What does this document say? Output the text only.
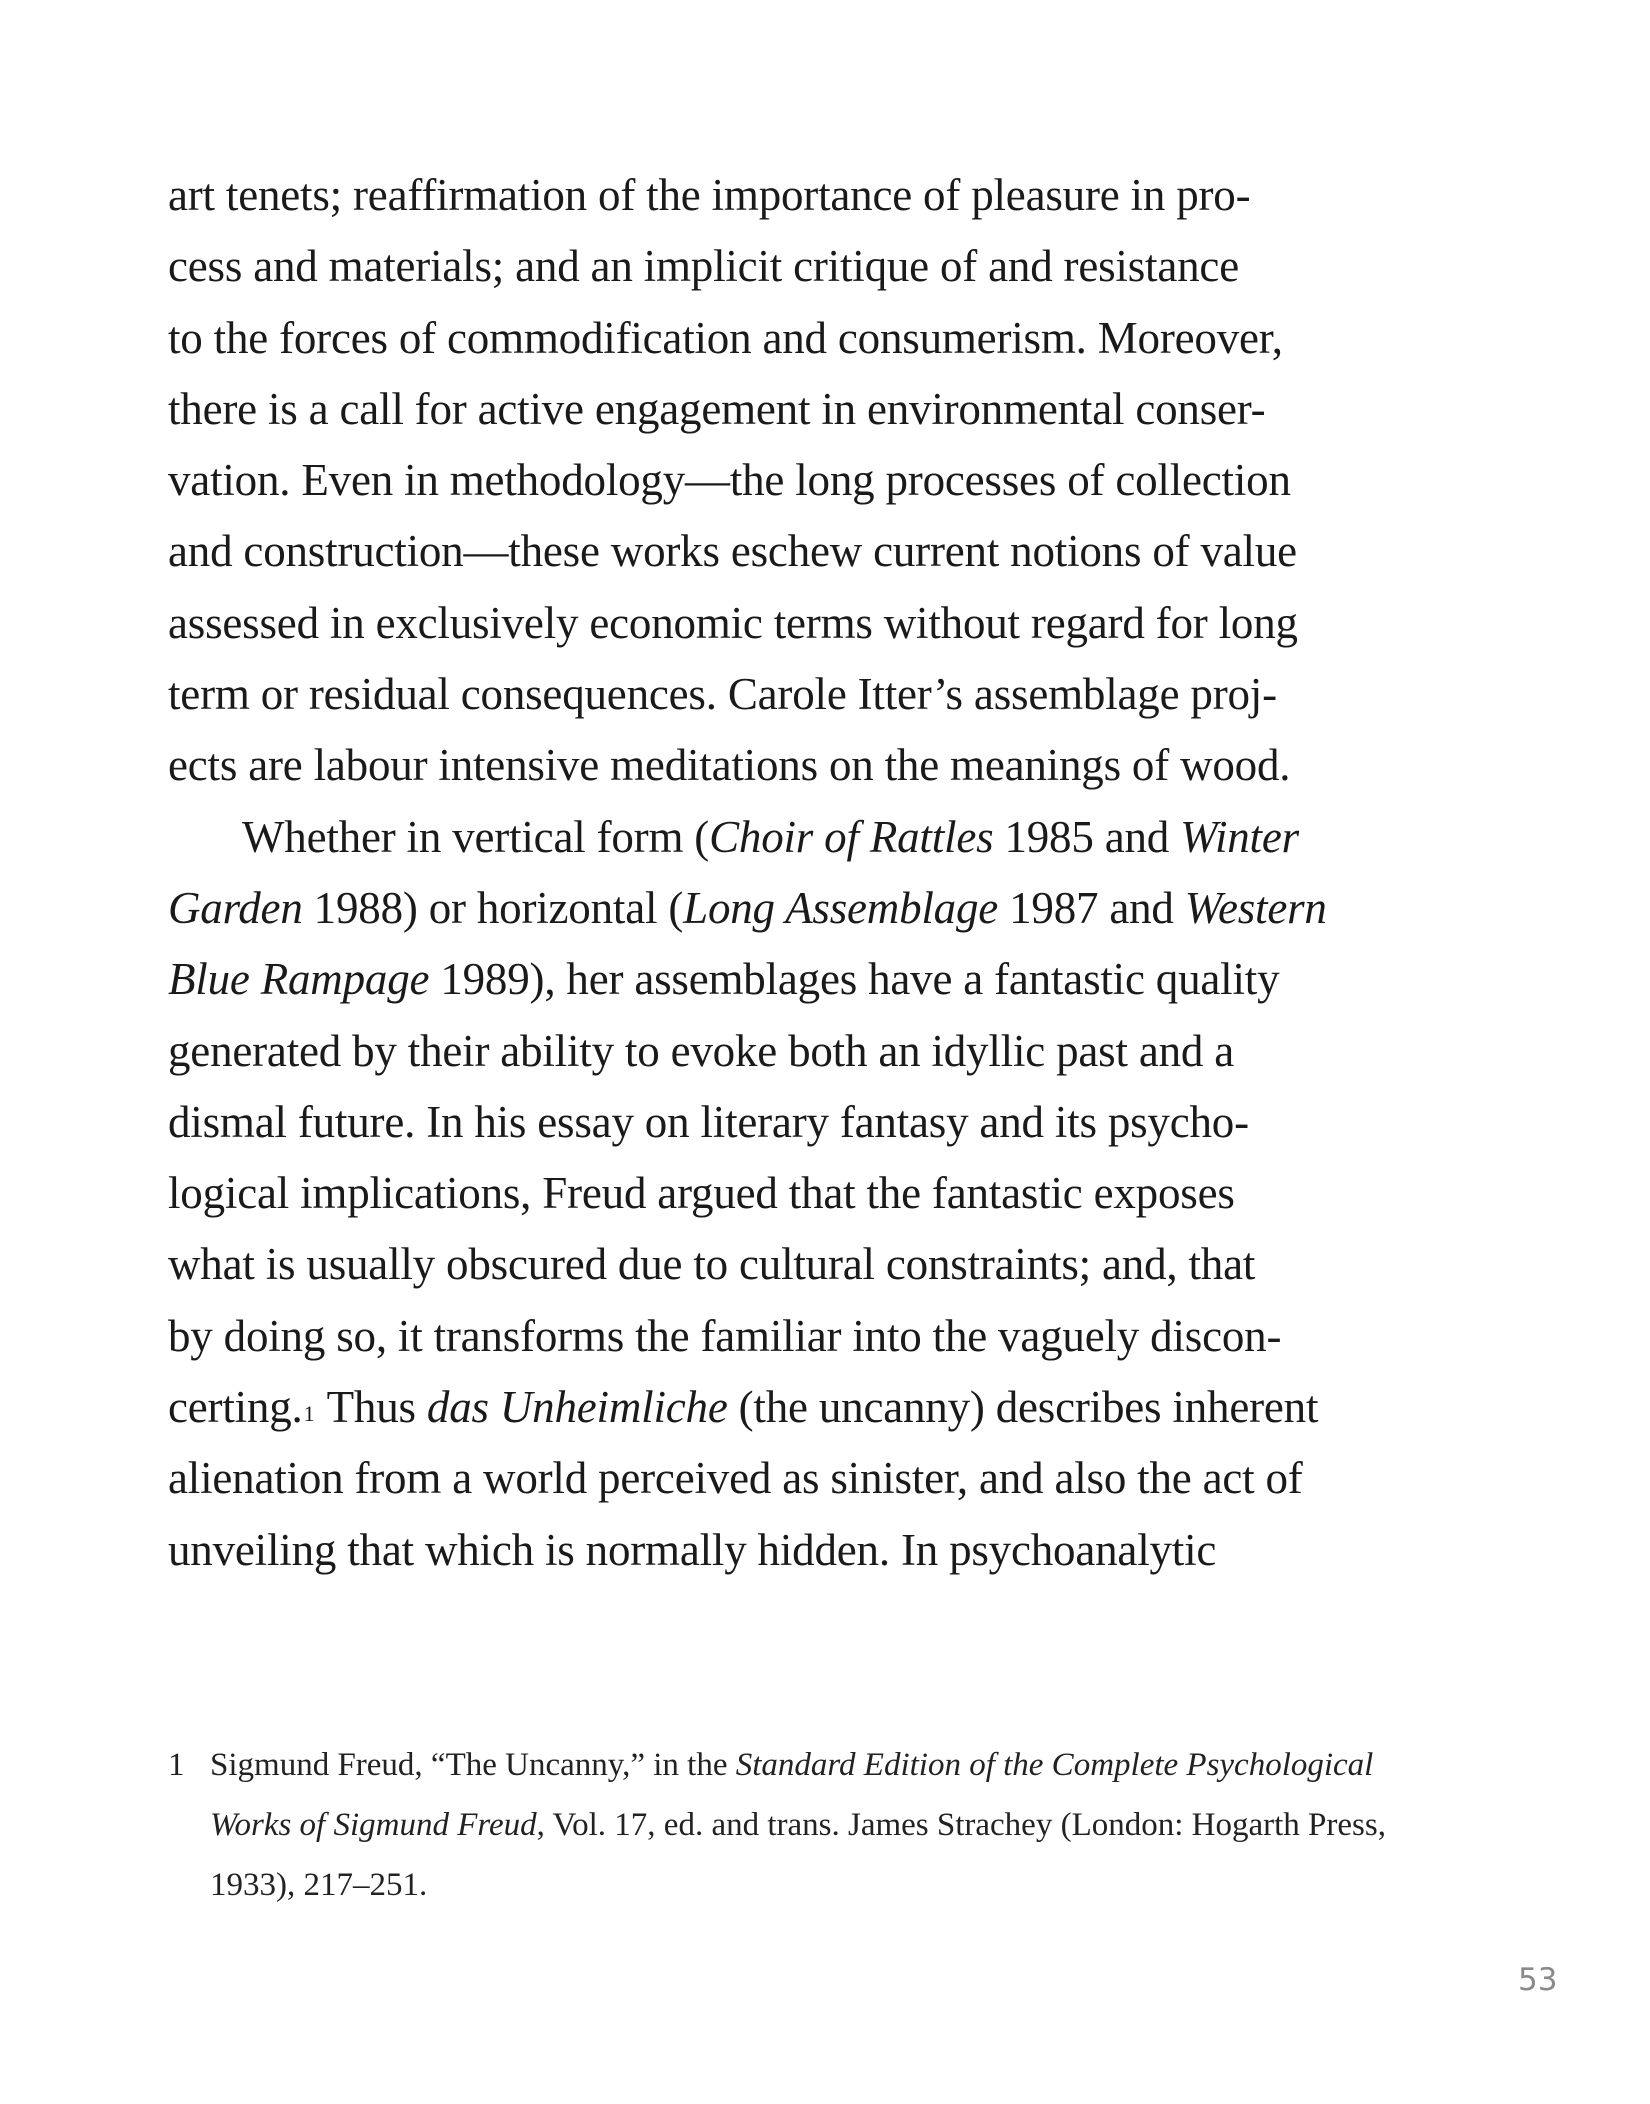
art tenets; reaffirmation of the importance of pleasure in pro-
cess and materials; and an implicit critique of and resistance
to the forces of commodification and consumerism. Moreover,
there is a call for active engagement in environmental conser-
vation. Even in methodology—the long processes of collection
and construction—these works eschew current notions of value
assessed in exclusively economic terms without regard for long
term or residual consequences. Carole Itter’s assemblage proj-
ects are labour intensive meditations on the meanings of wood.
Whether in vertical form (Choir of Rattles 1985 and Winter
Garden 1988) or horizontal (Long Assemblage 1987 and Western
Blue Rampage 1989), her assemblages have a fantastic quality
generated by their ability to evoke both an idyllic past and a
dismal future. In his essay on literary fantasy and its psycho-
logical implications, Freud argued that the fantastic exposes
what is usually obscured due to cultural constraints; and, that
by doing so, it transforms the familiar into the vaguely discon-
certing.$^1$ Thus das Unheimliche (the uncanny) describes inherent
alienation from a world perceived as sinister, and also the act of
unveiling that which is normally hidden. In psychoanalytic
1 Sigmund Freud, “The Uncanny,” in the Standard Edition of the Complete Psychological
Works of Sigmund Freud, Vol. 17, ed. and trans. James Strachey (London: Hogarth Press,
1933), 217–251.
53
